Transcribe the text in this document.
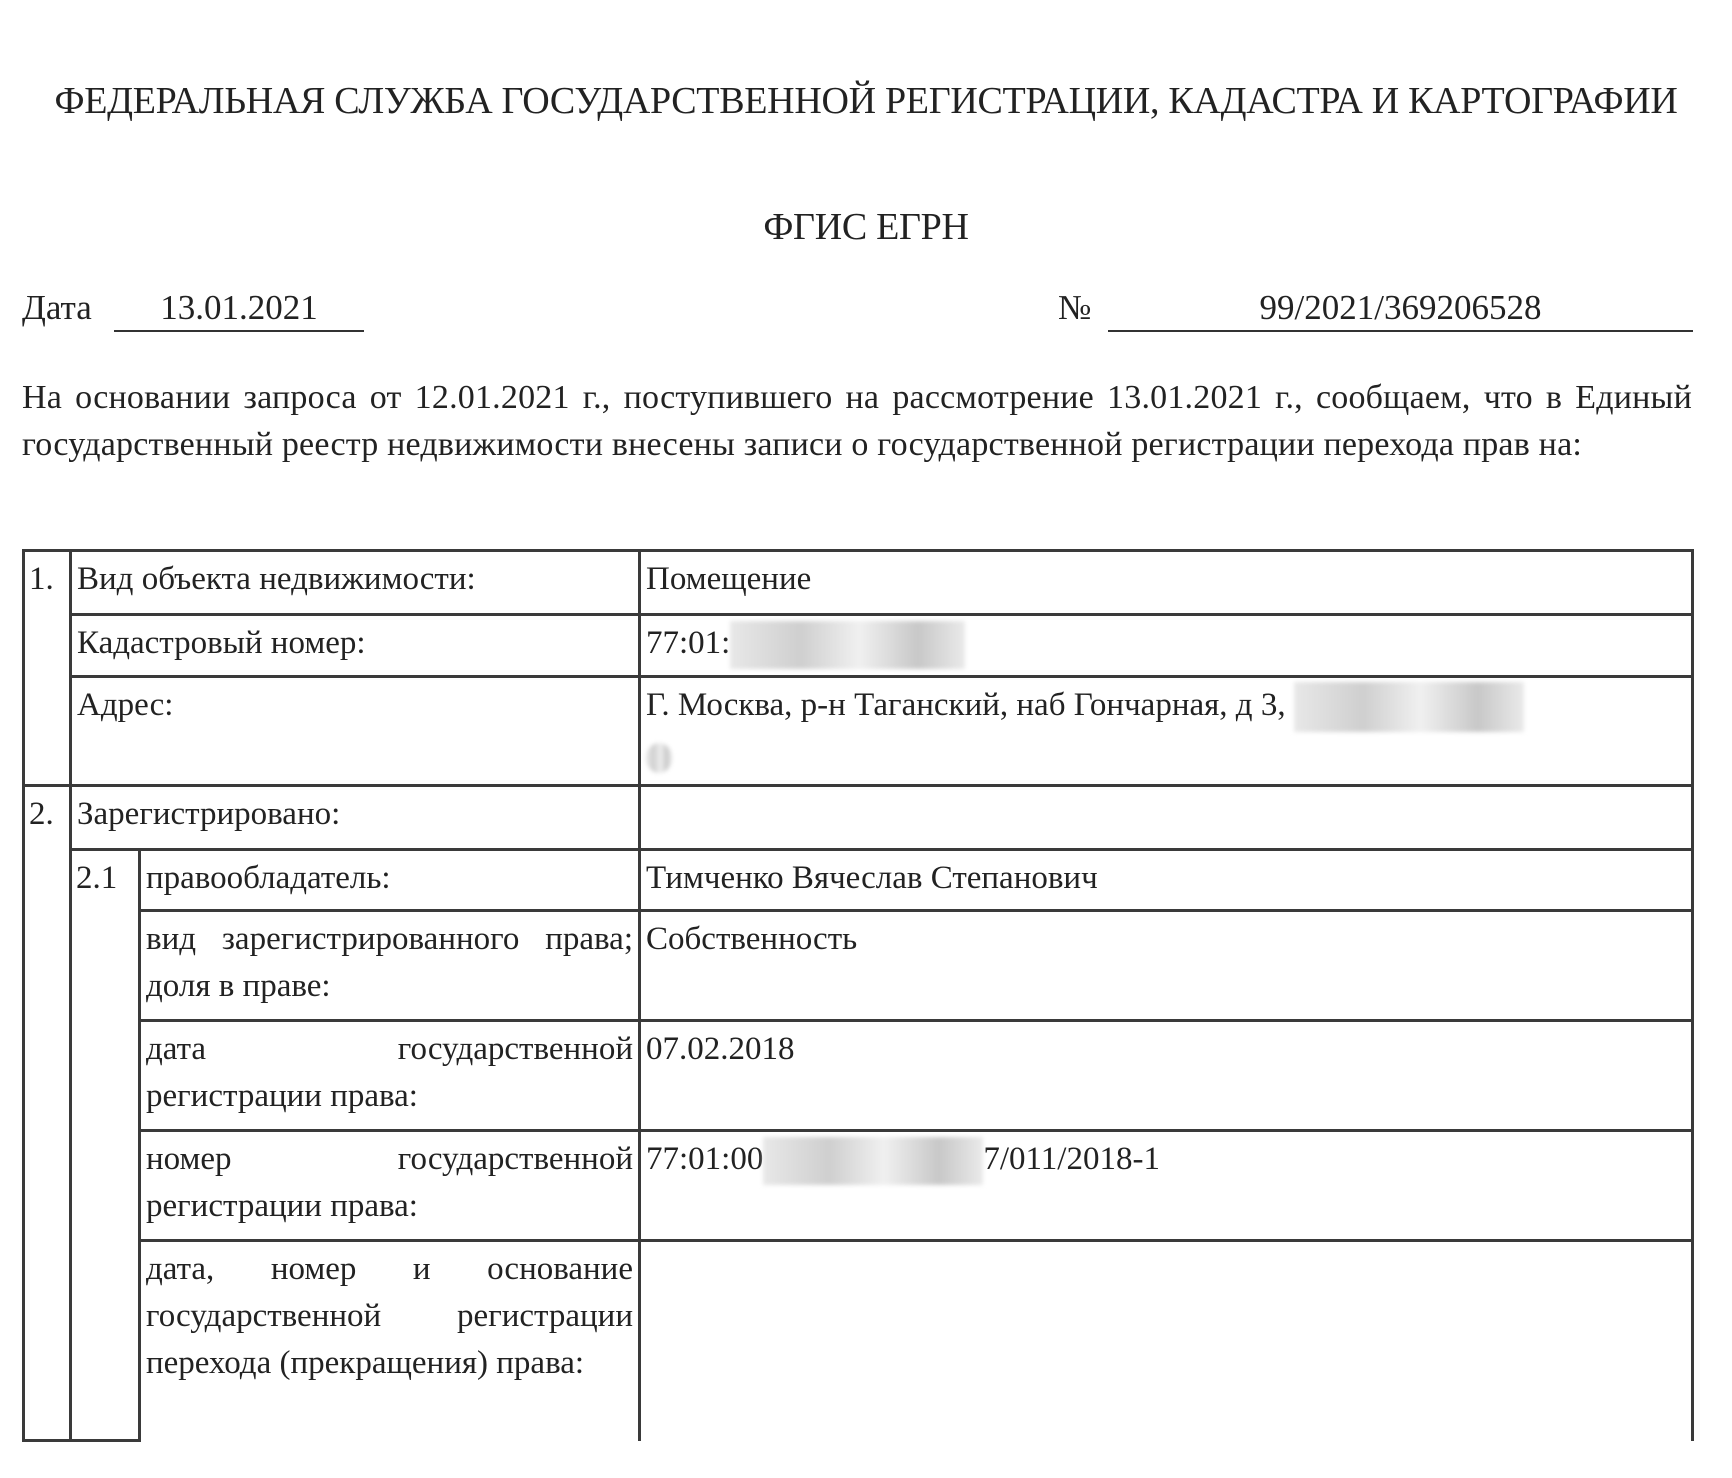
ФЕДЕРАЛЬНАЯ СЛУЖБА ГОСУДАРСТВЕННОЙ РЕГИСТРАЦИИ, КАДАСТРА И КАРТОГРАФИИ
ФГИС ЕГРН
Дата	13.01.2021	№	99/2021/369206528
На основании запроса от 12.01.2021 г., поступившего на рассмотрение 13.01.2021 г., сообщаем, что в Единый государственный реестр недвижимости внесены записи о государственной регистрации перехода прав на:
1.	Вид объекта недвижимости:		Помещение
	Кадастровый номер:		77:01:
	Адрес:		Г. Москва, р-н Таганский, наб Гончарная, д 3,

2.	Зарегистрировано:		
	2.1	правообладатель:	Тимченко Вячеслав Степанович
		вид зарегистрированного права; доля в праве:	Собственность
		дата государственной регистрации права:	07.02.2018
		номер государственной регистрации права:	77:01:00 7/011/2018-1
		дата, номер и основание государственной регистрации перехода (прекращения) права:	
